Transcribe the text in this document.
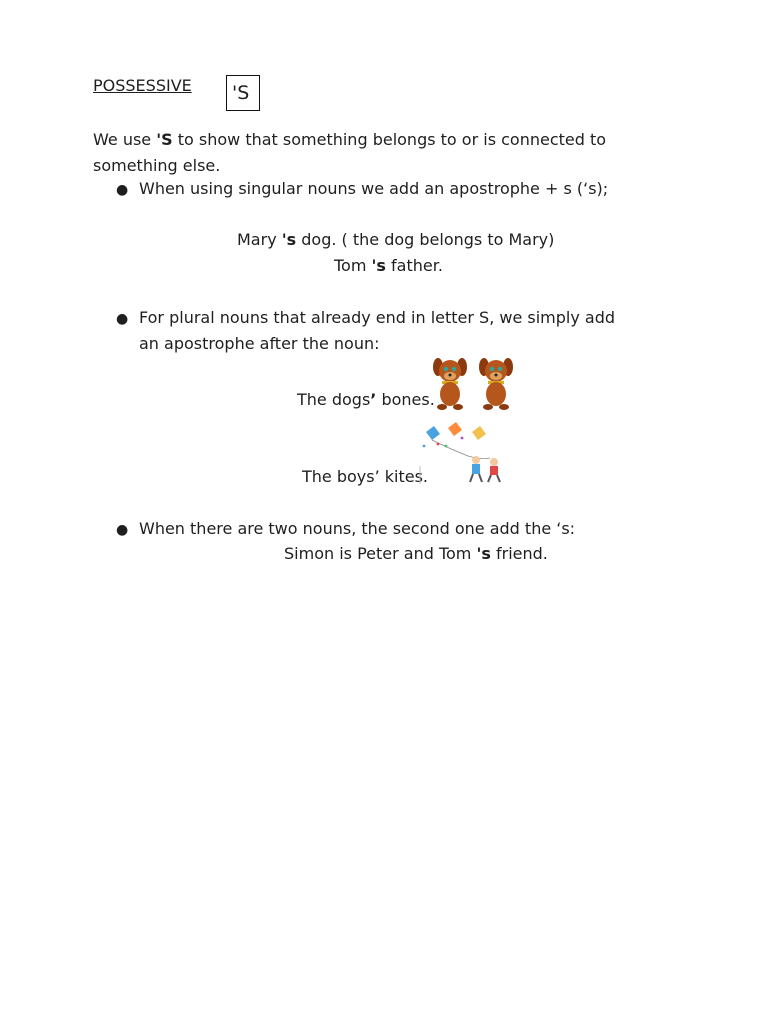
POSSESSIVE	'S
We use 'S to show that something belongs to or is connected to something else.
● When using singular nouns we add an apostrophe + s (‘s);
Mary 's dog. ( the dog belongs to Mary)
Tom 's father.
● For plural nouns that already end in letter S, we simply add an apostrophe after the noun:
The dogs’ bones.
The boys’ kites.
● When there are two nouns, the second one add the ‘s:
Simon is Peter and Tom 's friend.
